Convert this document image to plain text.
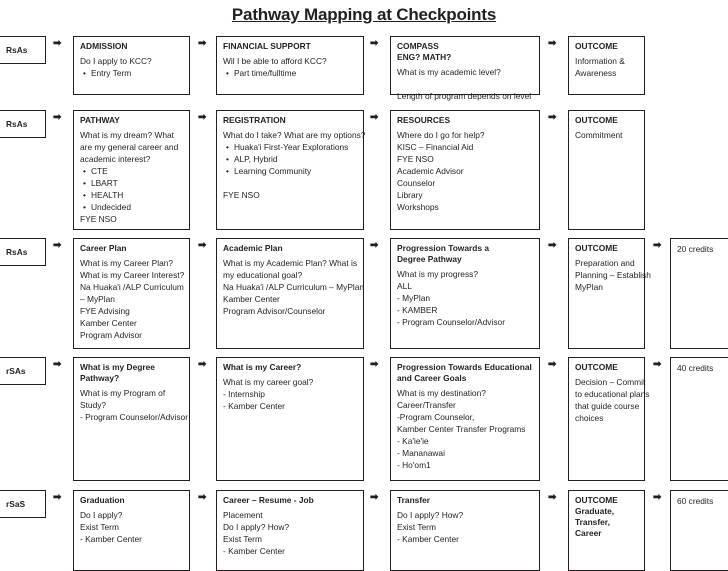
Pathway Mapping at Checkpoints
RsAs
➡	➡	➡	➡
ADMISSION
Do I apply to KCC?
• Entry Term
FINANCIAL SUPPORT
Wil I be able to afford KCC?
• Part time/fulltime
COMPASS
ENG? MATH?
What is my academic level?
Length of program depends on level
OUTCOME
Information &
Awareness
RsAs
➡	➡	➡	➡
PATHWAY
What is my dream? What
are my general career and
academic interest?
• CTE
• LBART
• HEALTH
• Undecided
FYE NSO
REGISTRATION
What do I take? What are my options?
• Huaka'i First-Year Explorations
• ALP, Hybrid
• Learning Community
FYE NSO
RESOURCES
Where do I go for help?
KISC – Financial Aid
FYE NSO
Academic Advisor
Counselor
Library
Workshops
OUTCOME
Commitment
RsAs
➡	➡	➡	➡
Career Plan
What is my Career Plan?
What is my Career Interest?
Na Huaka'i /ALP Curriculum
– MyPlan
FYE Advising
Kamber Center
Program Advisor
Academic Plan
What is my Academic Plan? What is
my educational goal?
Na Huaka'i /ALP Curriculum – MyPlan
Kamber Center
Program Advisor/Counselor
Progression Towards a
Degree Pathway
What is my progress?
ALL
- MyPlan
- KAMBER
- Program Counselor/Advisor
OUTCOME
Preparation and
Planning – Establish
MyPlan
➡	20 credits
rSAs
➡	➡	➡	➡
What is my Degree
Pathway?
What is my Program of
Study?
- Program Counselor/Advisor
What is my Career?
What is my career goal?
- Internship
- Kamber Center
Progression Towards Educational
and Career Goals
What is my destination?
Career/Transfer
-Program Counselor,
Kamber Center Transfer Programs
- Ka'ie'ie
- Mananawai
- Ho'om1
OUTCOME
Decision – Commit
to educational plans
that guide course
choices
➡	40 credits
rSaS
➡	➡	➡	➡
Graduation
Do I apply?
Exist Term
- Kamber Center
Career – Resume - Job
Placement
Do I apply? How?
Exist Term
- Kamber Center
Transfer
Do I apply? How?
Exist Term
- Kamber Center
OUTCOME
Graduate,
Transfer, Career
➡	60 credits
